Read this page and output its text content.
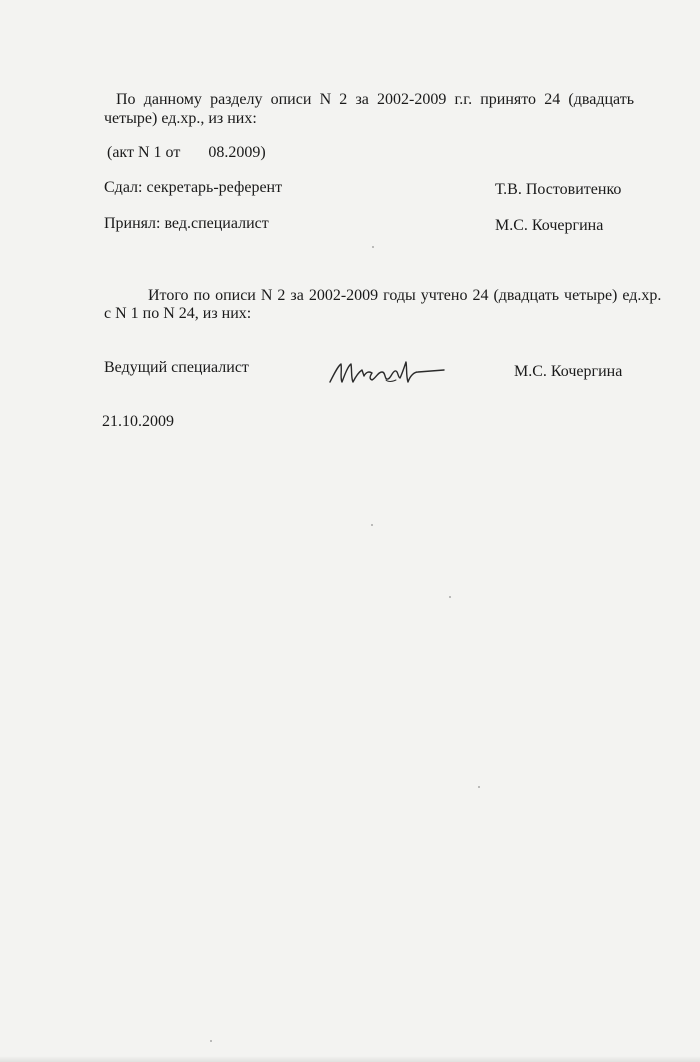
По данному разделу описи N 2 за 2002-2009 г.г. принято 24 (двадцать
четыре) ед.хр., из них:
(акт N 1 от       08.2009)
Сдал: секретарь-референт	Т.В. Постовитенко
Принял: вед.специалист	М.С. Кочергина
Итого по описи N 2 за 2002-2009 годы учтено 24 (двадцать четыре) ед.хр.
с N 1 по N 24, из них:
Ведущий специалист	М.С. Кочергина
21.10.2009
